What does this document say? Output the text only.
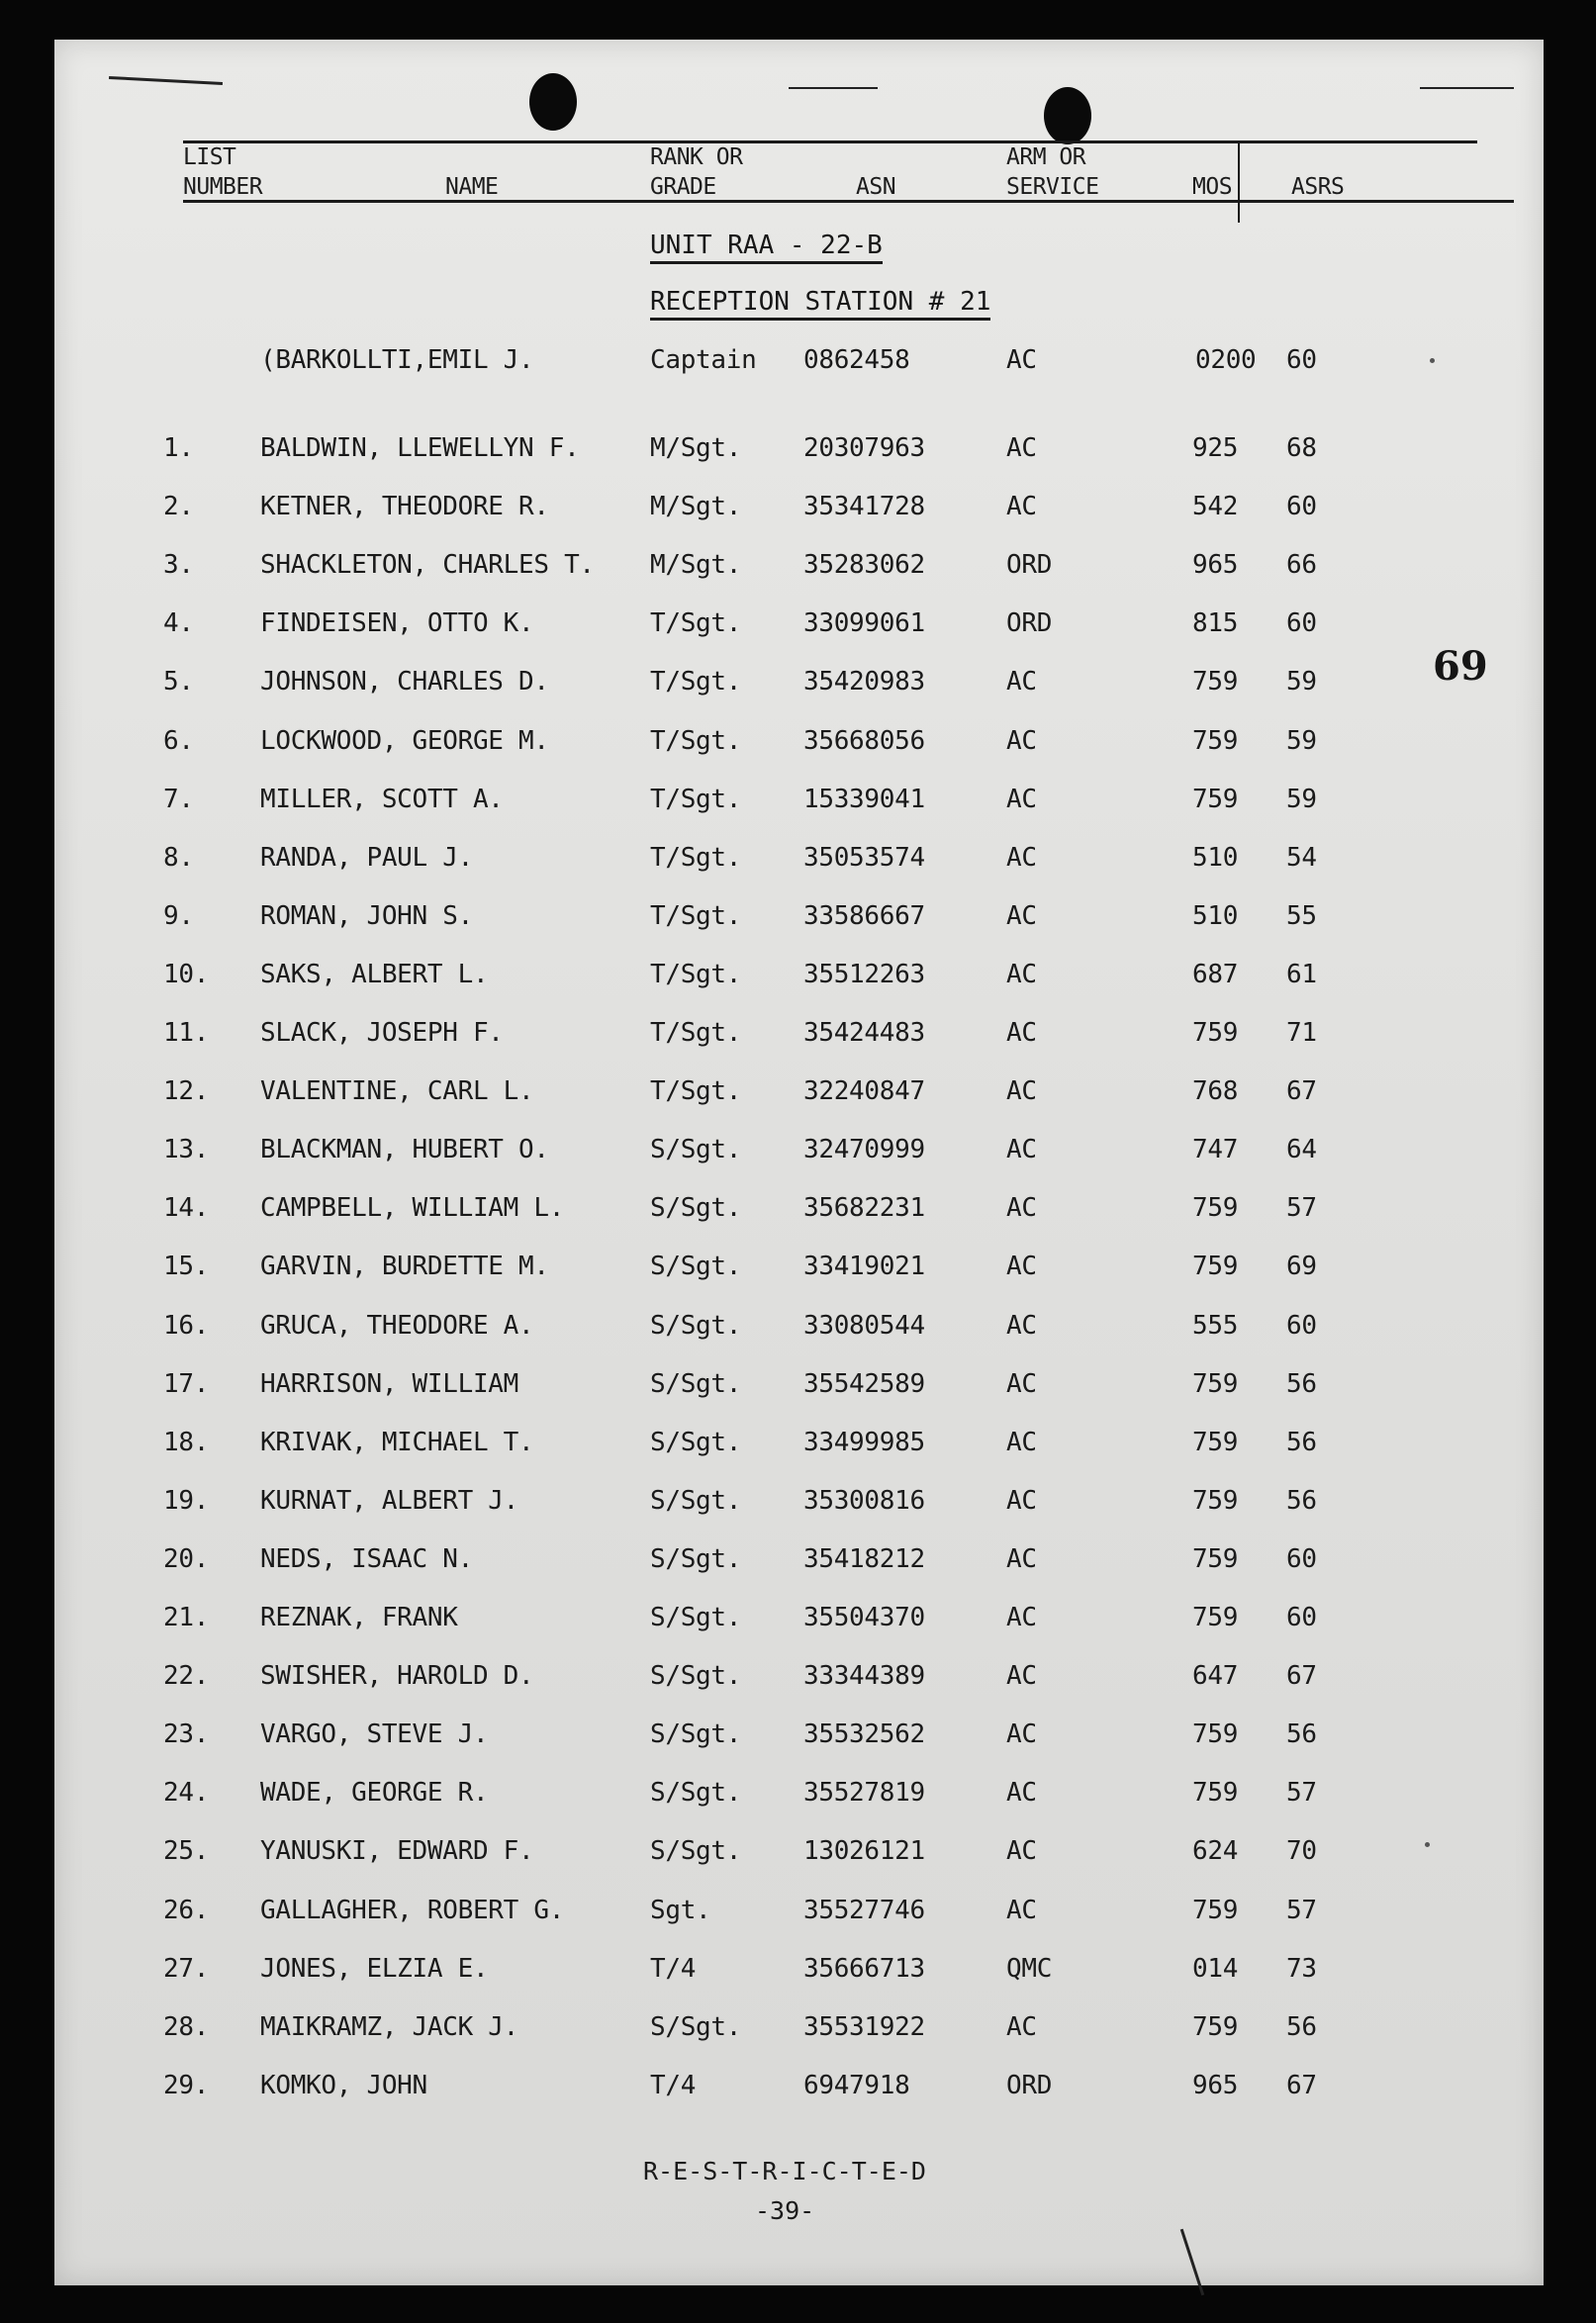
LIST
NUMBER	NAME
RANK OR
GRADE	ASN
ARM OR
SERVICE	MOS	ASRS
UNIT RAA - 22-B
RECEPTION STATION # 21
(BARKOLLTI,EMIL J.	Captain 0862458	AC	0200 60
1.	BALDWIN, LLEWELLYN F.	M/Sgt. 20307963	AC	925 68
2.	KETNER, THEODORE R.	M/Sgt. 35341728	AC	542 60
3.	SHACKLETON, CHARLES T. M/Sgt. 35283062	ORD	965 66
4.	FINDEISEN, OTTO K.	T/Sgt. 33099061	ORD	815 60
5.	JOHNSON, CHARLES D.	T/Sgt. 35420983	AC	759 59
6.	LOCKWOOD, GEORGE M.	T/Sgt. 35668056	AC	759 59
7.	MILLER, SCOTT A.	T/Sgt. 15339041	AC	759 59
8.	RANDA, PAUL J.	T/Sgt. 35053574	AC	510 54
9.	ROMAN, JOHN S.	T/Sgt. 33586667	AC	510 55
10. SAKS, ALBERT L.	T/Sgt. 35512263	AC	687 61
11. SLACK, JOSEPH F.	T/Sgt. 35424483	AC	759 71
12. VALENTINE, CARL L.	T/Sgt. 32240847	AC	768 67
13. BLACKMAN, HUBERT O.	S/Sgt. 32470999	AC	747 64
14. CAMPBELL, WILLIAM L.	S/Sgt. 35682231	AC	759 57
15. GARVIN, BURDETTE M.	S/Sgt. 33419021	AC	759 69
16. GRUCA, THEODORE A.	S/Sgt. 33080544	AC	555 60
17. HARRISON, WILLIAM	S/Sgt. 35542589	AC	759 56
18. KRIVAK, MICHAEL T.	S/Sgt. 33499985	AC	759 56
19. KURNAT, ALBERT J.	S/Sgt. 35300816	AC	759 56
20. NEDS, ISAAC N.	S/Sgt. 35418212	AC	759 60
21. REZNAK, FRANK	S/Sgt. 35504370	AC	759 60
22. SWISHER, HAROLD D.	S/Sgt. 33344389	AC	647 67
23. VARGO, STEVE J.	S/Sgt. 35532562	AC	759 56
24. WADE, GEORGE R.	S/Sgt. 35527819	AC	759 57
25. YANUSKI, EDWARD F.	S/Sgt. 13026121	AC	624 70
26. GALLAGHER, ROBERT G.	Sgt.	35527746	AC	759 57
27. JONES, ELZIA E.	T/4	35666713	QMC	014 73
28. MAIKRAMZ, JACK J.	S/Sgt. 35531922	AC	759 56
29. KOMKO, JOHN	T/4	6947918	ORD	965 67
69
R-E-S-T-R-I-C-T-E-D
-39-
